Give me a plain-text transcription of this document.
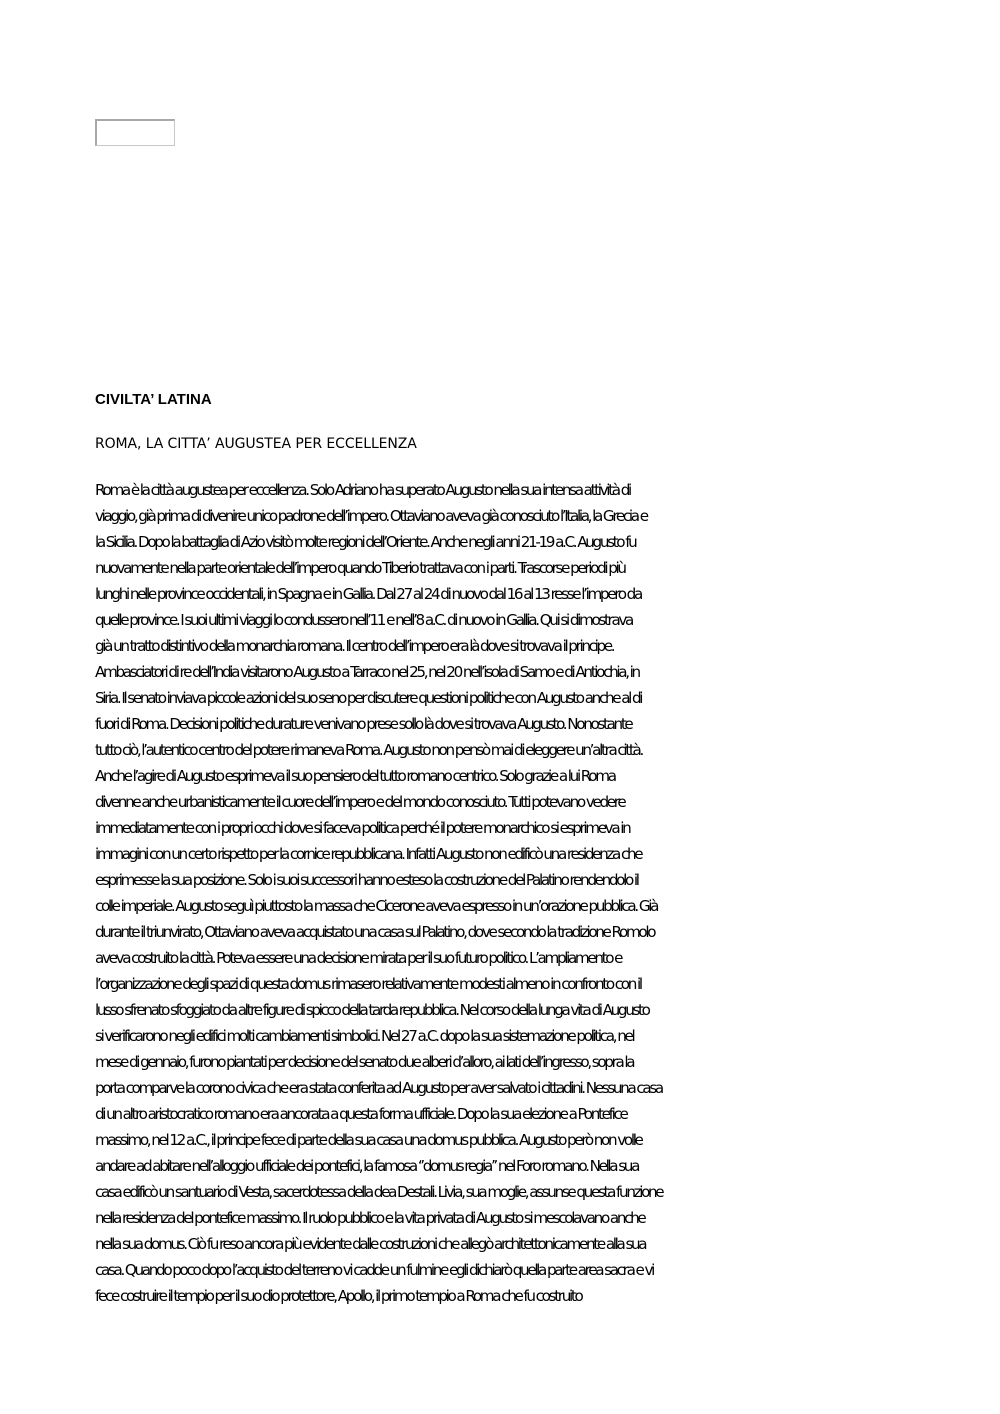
CIVILTA’ LATINA
ROMA, LA CITTA’ AUGUSTEA PER ECCELLENZA
Roma è la città augustea per eccellenza. Solo Adriano ha superato Augusto nella sua intensa attività di
viaggio, già prima di divenire unico padrone dell’impero. Ottaviano aveva già conosciuto l’Italia, la Grecia e
la Sicilia. Dopo la battaglia di Azio visitò molte regioni dell’Oriente. Anche negli anni 21-19 a.C. Augusto fu
nuovamente nella parte orientale dell’impero quando Tiberio trattava con i parti. Trascorse periodi più
lunghi nelle province occidentali, in Spagna e in Gallia. Dal 27 al 24 di nuovo dal 16 al 13 resse l’impero da
quelle province. I suoi ultimi viaggi lo condussero nell’11 e nell’8 a.C. di nuovo in Gallia. Qui si dimostrava
già un tratto distintivo della monarchia romana. Il centro dell’impero era là dove si trovava il principe.
Ambasciatori di re dell’India visitarono Augusto a Tarraco nel 25, nel 20 nell’isola di Samo e di Antiochia, in
Siria. Il senato inviava piccole azioni del suo seno per discutere questioni politiche con Augusto anche al di
fuori di Roma. Decisioni politiche durature venivano prese sollo là dove si trovava Augusto. Nonostante
tutto ciò, l’autentico centro del potere rimaneva Roma. Augusto non pensò mai di eleggere un’altra città.
Anche l’agire di Augusto esprimeva il suo pensiero del tutto romano centrico. Solo grazie a lui Roma
divenne anche urbanisticamente il cuore dell’impero e del mondo conosciuto. Tutti potevano vedere
immediatamente con i propri occhi dove si faceva politica perché il potere monarchico si esprimeva in
immagini con un certo rispetto per la cornice repubblicana. Infatti Augusto non edificò una residenza che
esprimesse la sua posizione. Solo i suoi successori hanno esteso la costruzione del Palatino rendendolo il
colle imperiale. Augusto seguì piuttosto la massa che Cicerone aveva espresso in un’orazione pubblica. Già
durante il triunvirato, Ottaviano aveva acquistato una casa sul Palatino, dove secondo la tradizione Romolo
aveva costruito la città. Poteva essere una decisione mirata per il suo futuro politico. L’ampliamento e
l’organizzazione degli spazi di questa domus rimasero relativamente modesti almeno in confronto con il
lusso sfrenato sfoggiato da altre figure di spicco della tarda repubblica. Nel corso della lunga vita di Augusto
si verificarono negli edifici molti cambiamenti simbolici. Nel 27 a.C. dopo la sua sistemazione politica, nel
mese di gennaio, furono piantati per decisione del senato due alberi d’alloro, ai lati dell’ingresso, sopra la
porta comparve la corono civica che era stata conferita ad Augusto per aver salvato i cittadini. Nessuna casa
di un altro aristocratico romano era ancorata a questa forma ufficiale. Dopo la sua elezione a Pontefice
massimo, nel 12 a.C., il principe fece di parte della sua casa una domus pubblica. Augusto però non volle
andare ad abitare nell’alloggio ufficiale dei pontefici, la famosa ‘’domus regia’’ nel Foro romano. Nella sua
casa edificò un santuario di Vesta, sacerdotessa della dea Destali. Livia, sua moglie, assunse questa funzione
nella residenza del pontefice massimo. Il ruolo pubblico e la vita privata di Augusto si mescolavano anche
nella sua domus. Ciò fu reso ancora più evidente dalle costruzioni che allegò architettonicamente alla sua
casa. Quando poco dopo l’acquisto del terreno vi cadde un fulmine egli dichiarò quella parte area sacra e vi
fece costruire il tempio per il suo dio protettore, Apollo, il primo tempio a Roma che fu costruito
